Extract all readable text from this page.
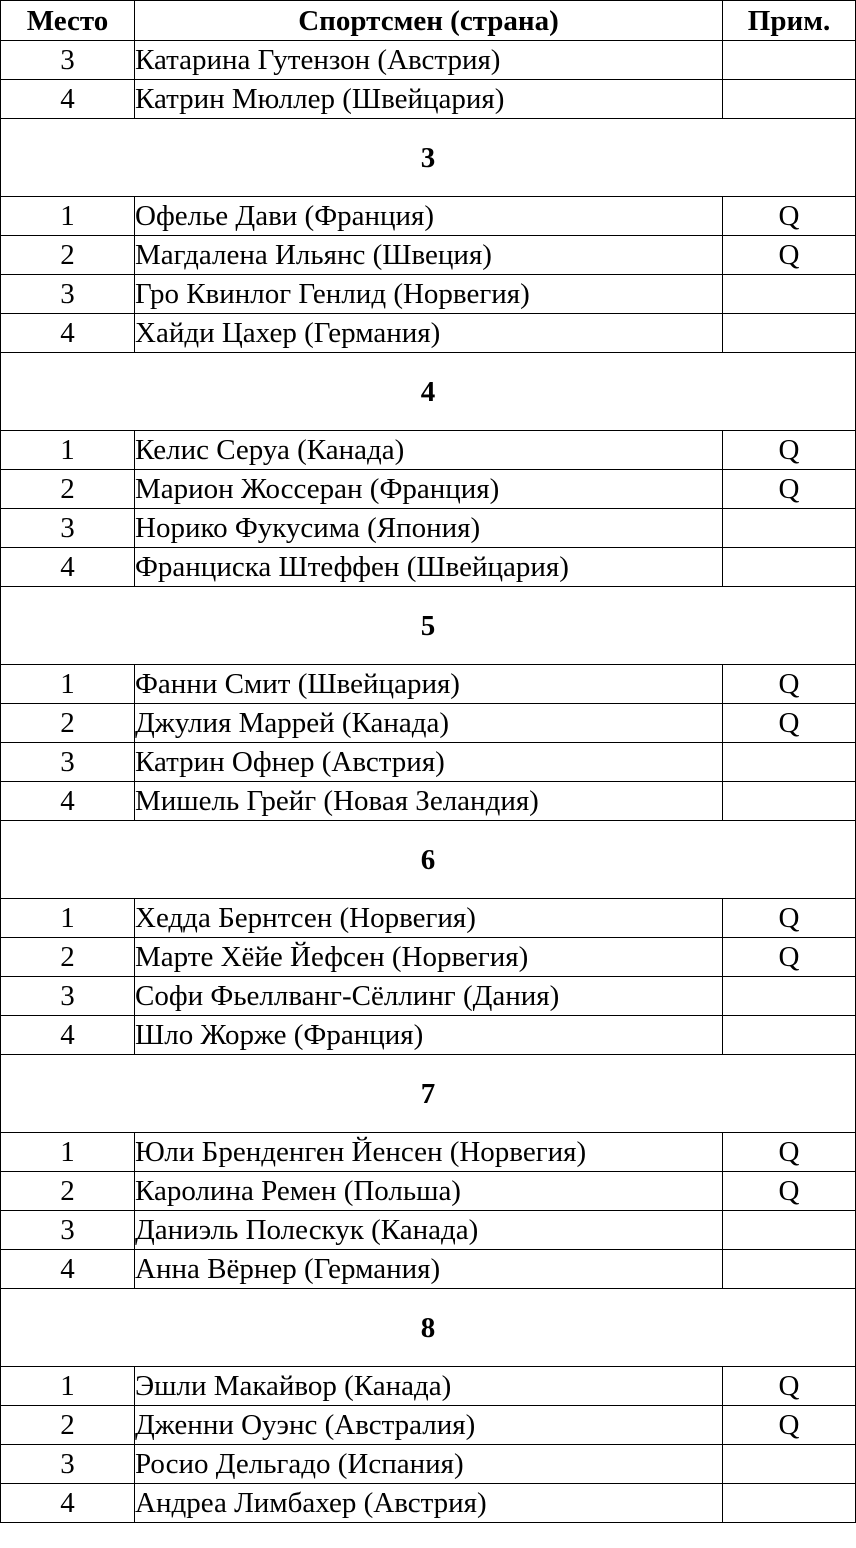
Место	Спортсмен (страна)	Прим.
3	Катарина Гутензон (Австрия)	
4	Катрин Мюллер (Швейцария)	
3		
1	Офелье Дави (Франция)	Q
2	Магдалена Ильянс (Швеция)	Q
3	Гро Квинлог Генлид (Норвегия)	
4	Хайди Цахер (Германия)	
4		
1	Келис Серуа (Канада)	Q
2	Марион Жоссеран (Франция)	Q
3	Норико Фукусима (Япония)	
4	Франциска Штеффен (Швейцария)	
5		
1	Фанни Смит (Швейцария)	Q
2	Джулия Маррей (Канада)	Q
3	Катрин Офнер (Австрия)	
4	Мишель Грейг (Новая Зеландия)	
6		
1	Хедда Бернтсен (Норвегия)	Q
2	Марте Хёйе Йефсен (Норвегия)	Q
3	Софи Фьеллванг-Сёллинг (Дания)	
4	Шло Жорже (Франция)	
7		
1	Юли Бренденген Йенсен (Норвегия)	Q
2	Каролина Ремен (Польша)	Q
3	Даниэль Полескук (Канада)	
4	Анна Вёрнер (Германия)	
8		
1	Эшли Макайвор (Канада)	Q
2	Дженни Оуэнс (Австралия)	Q
3	Росио Дельгадо (Испания)	
4	Андреа Лимбахер (Австрия)	
